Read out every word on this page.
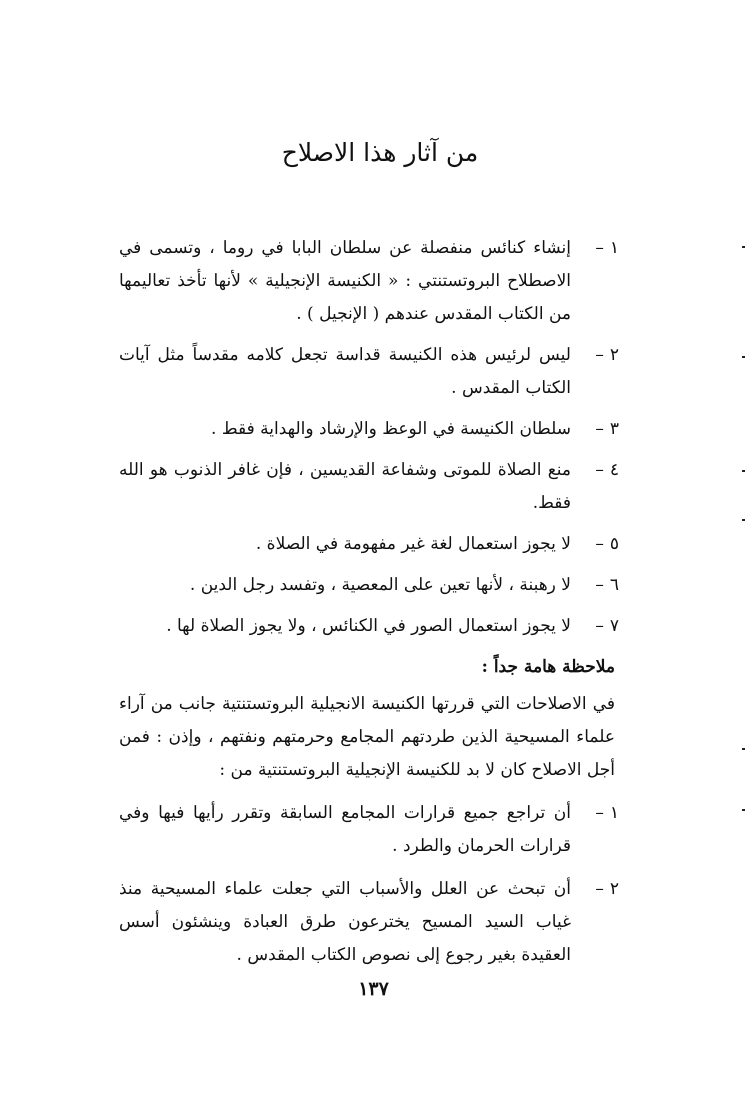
من آثار هذا الاصلاح
١–
إنشاء كنائس منفصلة عن سلطان البابا في روما ، وتسمى في الاصطلاح البروتستنتي : « الكنيسة الإنجيلية » لأنها تأخذ تعاليمها من الكتاب المقدس عندهم ( الإنجيل ) .
٢–
ليس لرئيس هذه الكنيسة قداسة تجعل كلامه مقدساً مثل آيات الكتاب المقدس .
٣–
سلطان الكنيسة في الوعظ والإرشاد والهداية فقط .
٤–
منع الصلاة للموتى وشفاعة القديسين ، فإن غافر الذنوب هو الله فقط.
٥–
لا يجوز استعمال لغة غير مفهومة في الصلاة .
٦–
لا رهبنة ، لأنها تعين على المعصية ، وتفسد رجل الدين .
٧–
لا يجوز استعمال الصور في الكنائس ، ولا يجوز الصلاة لها .
ملاحظة هامة جداً :
في الاصلاحات التي قررتها الكنيسة الانجيلية البروتستنتية جانب من آراء علماء المسيحية الذين طردتهم المجامع وحرمتهم ونفتهم ، وإذن : فمن أجل الاصلاح كان لا بد للكنيسة الإنجيلية البروتستنتية من :
١–
أن تراجع جميع قرارات المجامع السابقة وتقرر رأيها فيها وفي قرارات الحرمان والطرد .
٢–
أن تبحث عن العلل والأسباب التي جعلت علماء المسيحية منذ غياب السيد المسيح يخترعون طرق العبادة وينشئون أسس العقيدة بغير رجوع إلى نصوص الكتاب المقدس .
١٣٧
